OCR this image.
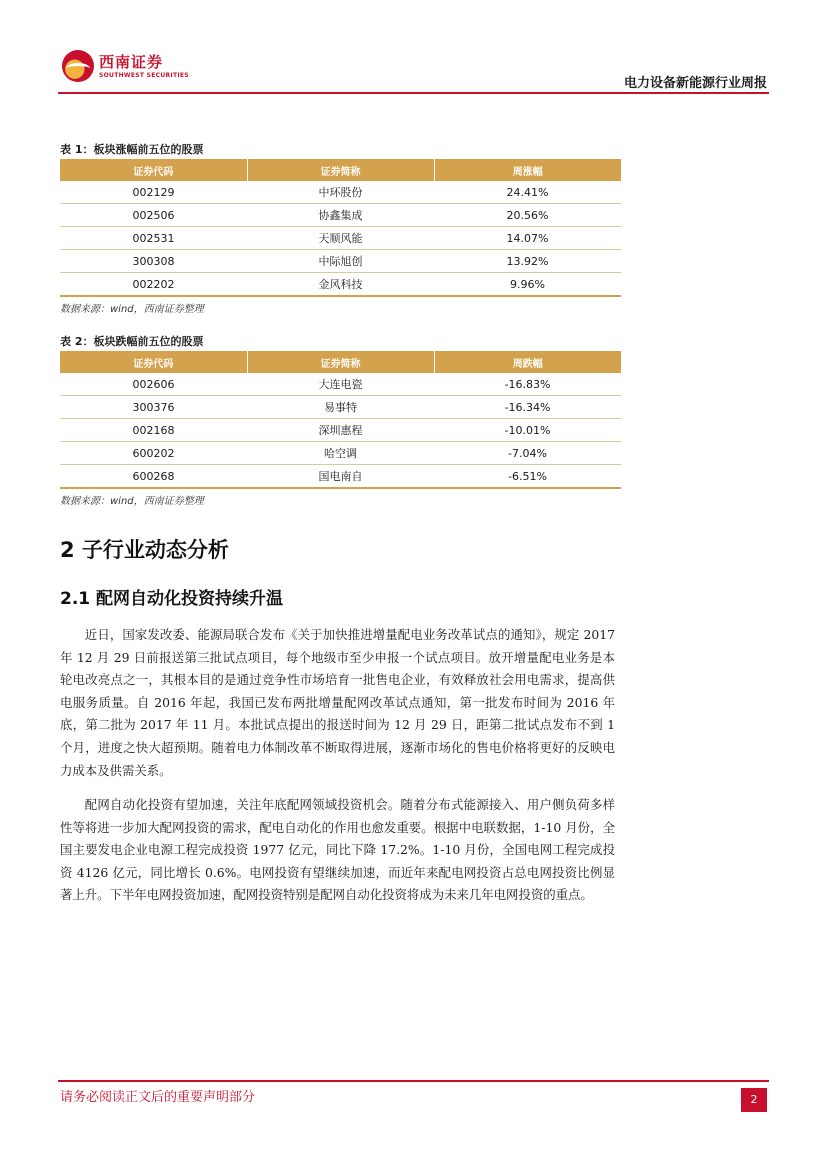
西南证券
SOUTHWEST SECURITIES
电力设备新能源行业周报
表 1：板块涨幅前五位的股票
证券代码	证券简称	周涨幅
002129	中环股份	24.41%
002506	协鑫集成	20.56%
002531	天顺风能	14.07%
300308	中际旭创	13.92%
002202	金风科技	9.96%
数据来源：wind，西南证券整理
表 2：板块跌幅前五位的股票
证券代码	证券简称	周跌幅
002606	大连电瓷	-16.83%
300376	易事特	-16.34%
002168	深圳惠程	-10.01%
600202	哈空调	-7.04%
600268	国电南自	-6.51%
数据来源：wind，西南证券整理
2 子行业动态分析
2.1 配网自动化投资持续升温
近日，国家发改委、能源局联合发布《关于加快推进增量配电业务改革试点的通知》，规定 2017 年 12 月 29 日前报送第三批试点项目，每个地级市至少申报一个试点项目。放开增量配电业务是本轮电改亮点之一，其根本目的是通过竞争性市场培育一批售电企业，有效释放社会用电需求，提高供电服务质量。自 2016 年起，我国已发布两批增量配网改革试点通知，第一批发布时间为 2016 年底，第二批为 2017 年 11 月。本批试点提出的报送时间为 12 月 29 日，距第二批试点发布不到 1 个月，进度之快大超预期。随着电力体制改革不断取得进展，逐渐市场化的售电价格将更好的反映电力成本及供需关系。
配网自动化投资有望加速，关注年底配网领域投资机会。随着分布式能源接入、用户侧负荷多样性等将进一步加大配网投资的需求，配电自动化的作用也愈发重要。根据中电联数据，1-10 月份，全国主要发电企业电源工程完成投资 1977 亿元，同比下降 17.2%。1-10 月份，全国电网工程完成投资 4126 亿元，同比增长 0.6%。电网投资有望继续加速，而近年来配电网投资占总电网投资比例显著上升。下半年电网投资加速，配网投资特别是配网自动化投资将成为未来几年电网投资的重点。
请务必阅读正文后的重要声明部分	2
